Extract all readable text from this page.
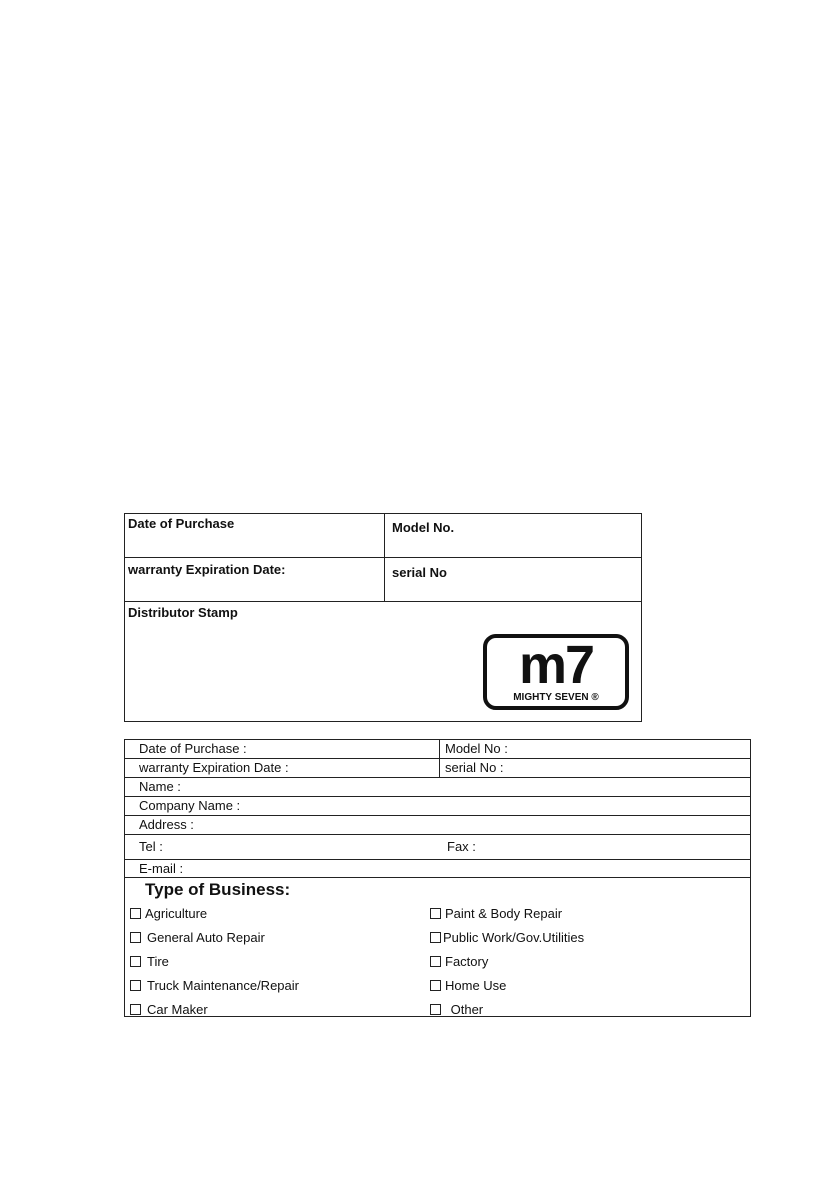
Date of Purchase	Model No.
warranty Expiration Date:	serial No
Distributor Stamp
m7
MIGHTY SEVEN ®
Date of Purchase :	Model No :
warranty Expiration Date :	serial No :
Name :
Company Name :
Address :
Tel :	Fax :
E-mail :
Type of Business:
Agriculture
General Auto Repair
Tire
Truck Maintenance/Repair
Car Maker
Paint & Body Repair
Public Work/Gov.Utilities
Factory
Home Use
Other
